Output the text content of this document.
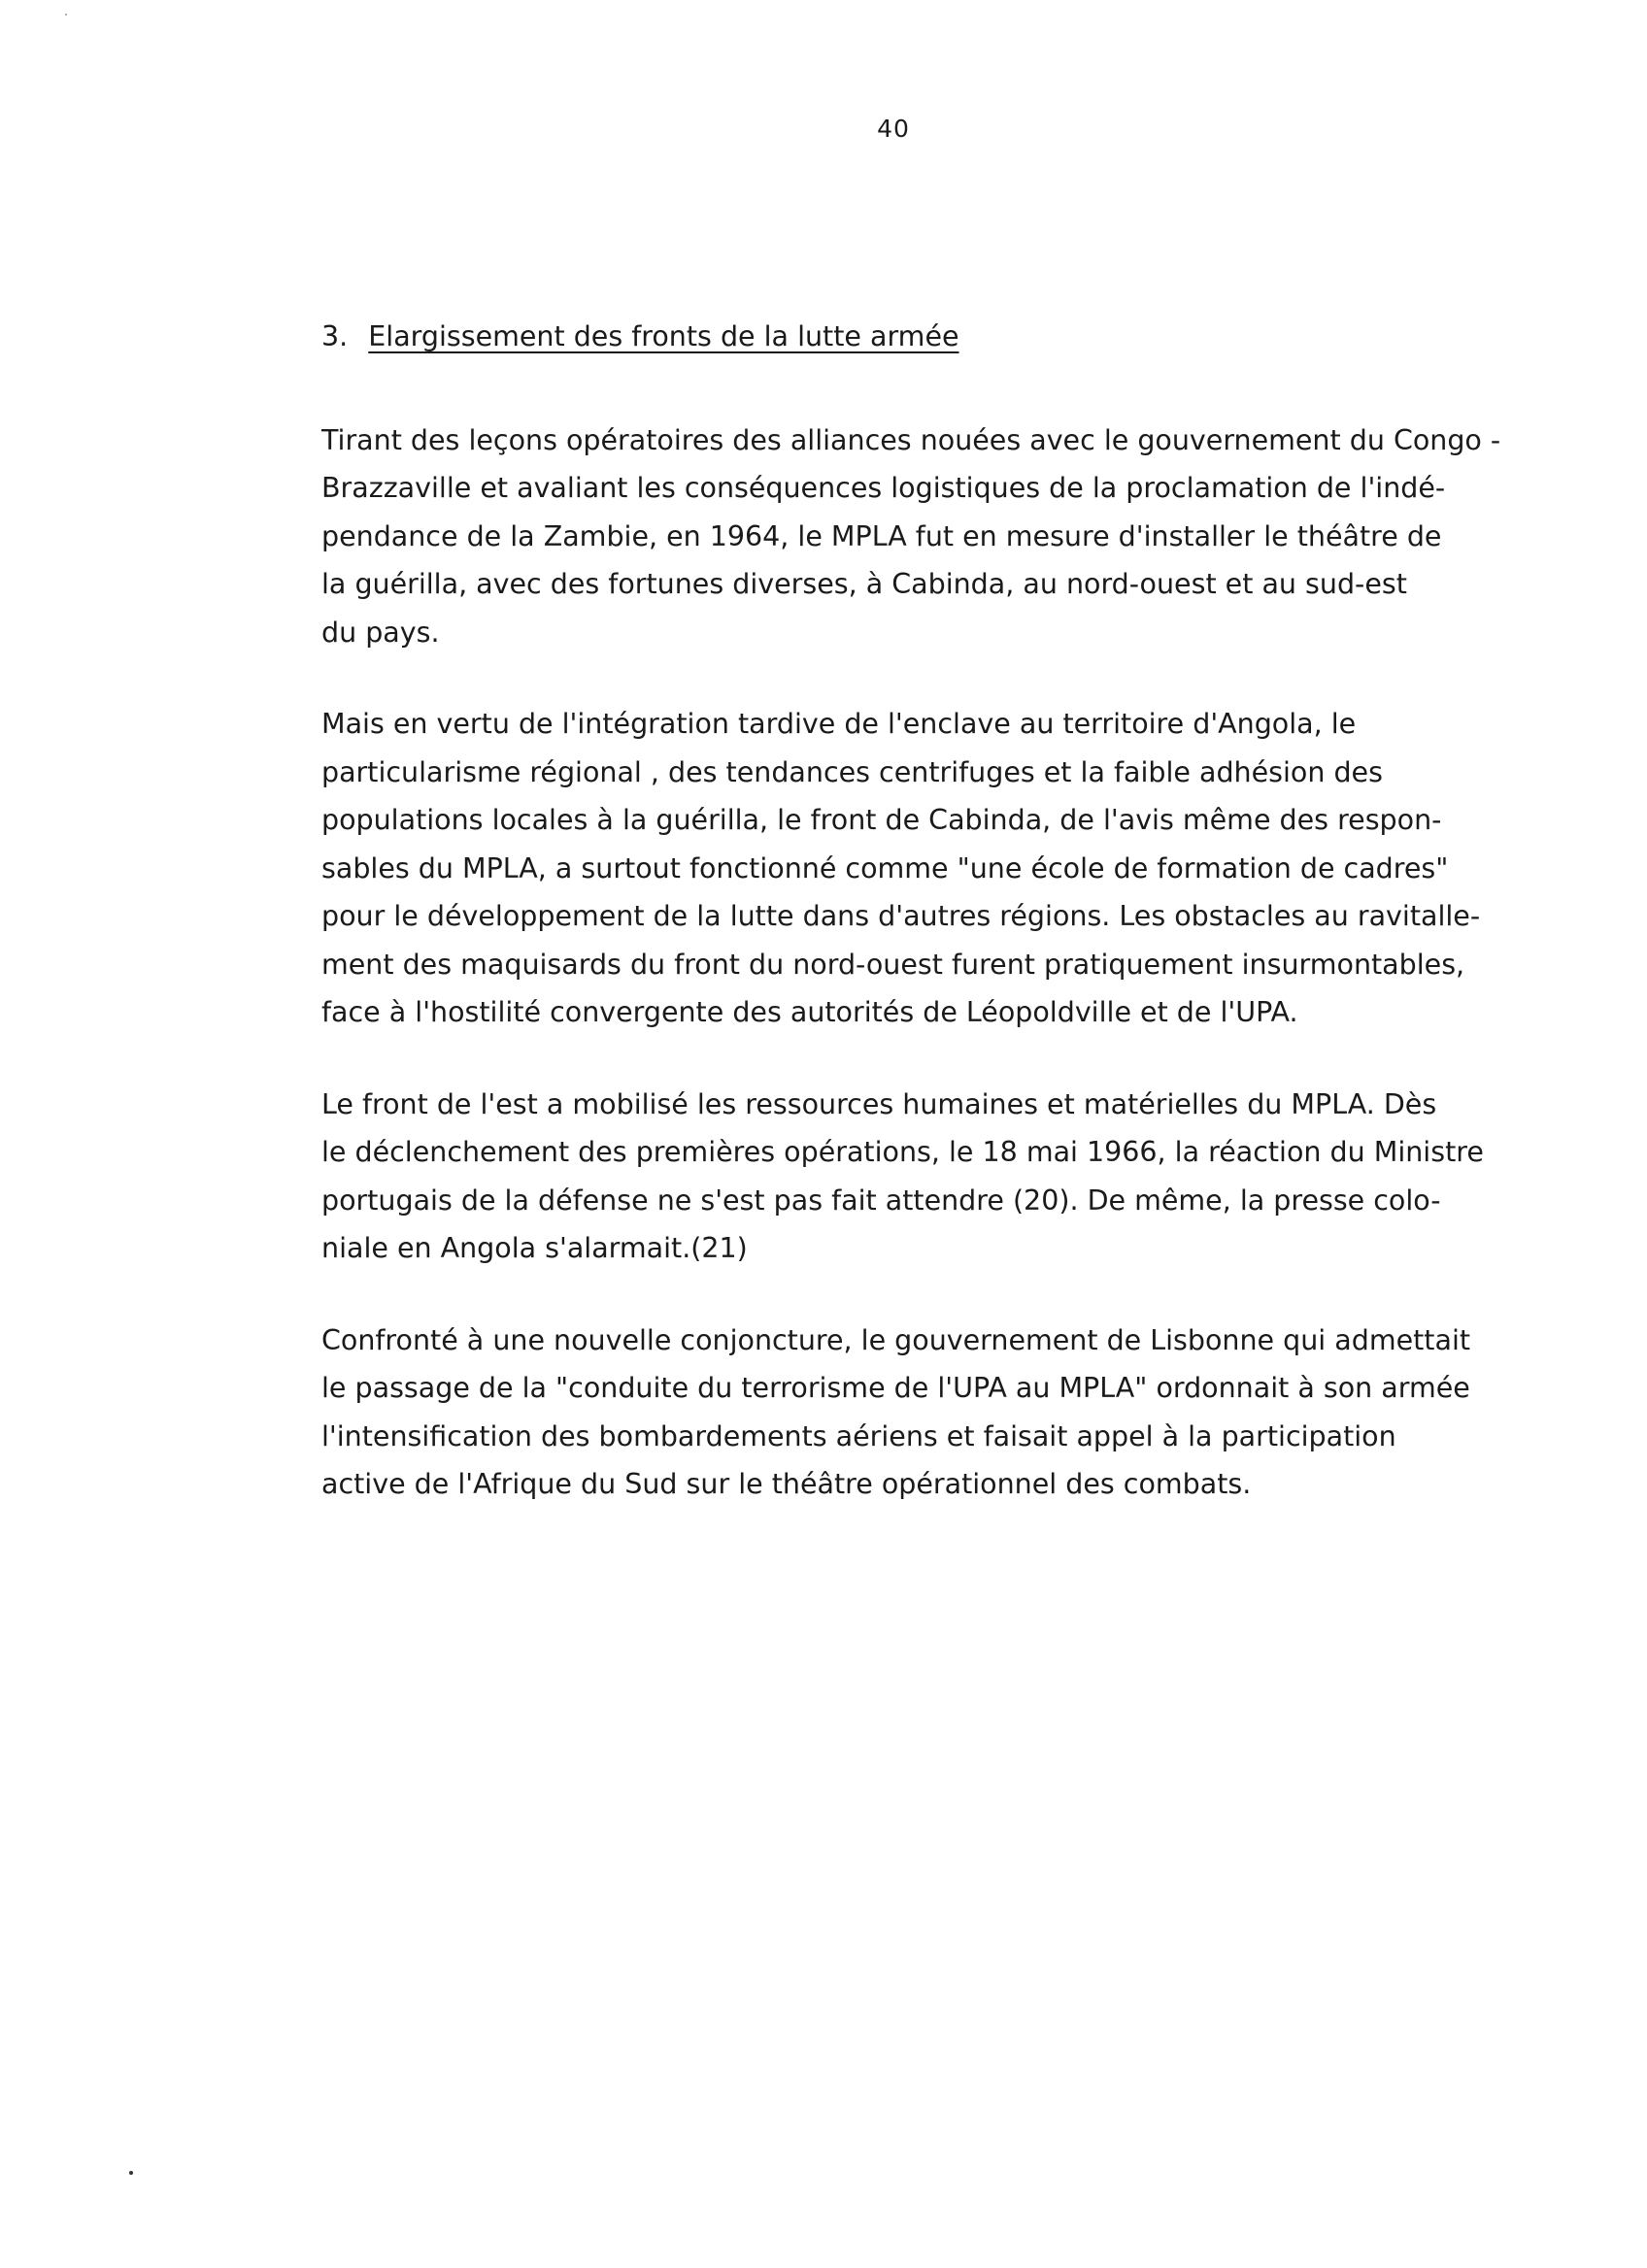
40
3. Elargissement des fronts de la lutte armée
Tirant des leçons opératoires des alliances nouées avec le gouvernement du Congo -
Brazzaville et avaliant les conséquences logistiques de la proclamation de l'indé-
pendance de la Zambie, en 1964, le MPLA fut en mesure d'installer le théâtre de
la guérilla, avec des fortunes diverses, à Cabinda, au nord-ouest et au sud-est
du pays.
Mais en vertu de l'intégration tardive de l'enclave au territoire d'Angola, le
particularisme régional , des tendances centrifuges et la faible adhésion des
populations locales à la guérilla, le front de Cabinda, de l'avis même des respon-
sables du MPLA, a surtout fonctionné comme "une école de formation de cadres"
pour le développement de la lutte dans d'autres régions. Les obstacles au ravitalle-
ment des maquisards du front du nord-ouest furent pratiquement insurmontables,
face à l'hostilité convergente des autorités de Léopoldville et de l'UPA.
Le front de l'est a mobilisé les ressources humaines et matérielles du MPLA. Dès
le déclenchement des premières opérations, le 18 mai 1966, la réaction du Ministre
portugais de la défense ne s'est pas fait attendre (20). De même, la presse colo-
niale en Angola s'alarmait.(21)
Confronté à une nouvelle conjoncture, le gouvernement de Lisbonne qui admettait
le passage de la "conduite du terrorisme de l'UPA au MPLA" ordonnait à son armée
l'intensification des bombardements aériens et faisait appel à la participation
active de l'Afrique du Sud sur le théâtre opérationnel des combats.
